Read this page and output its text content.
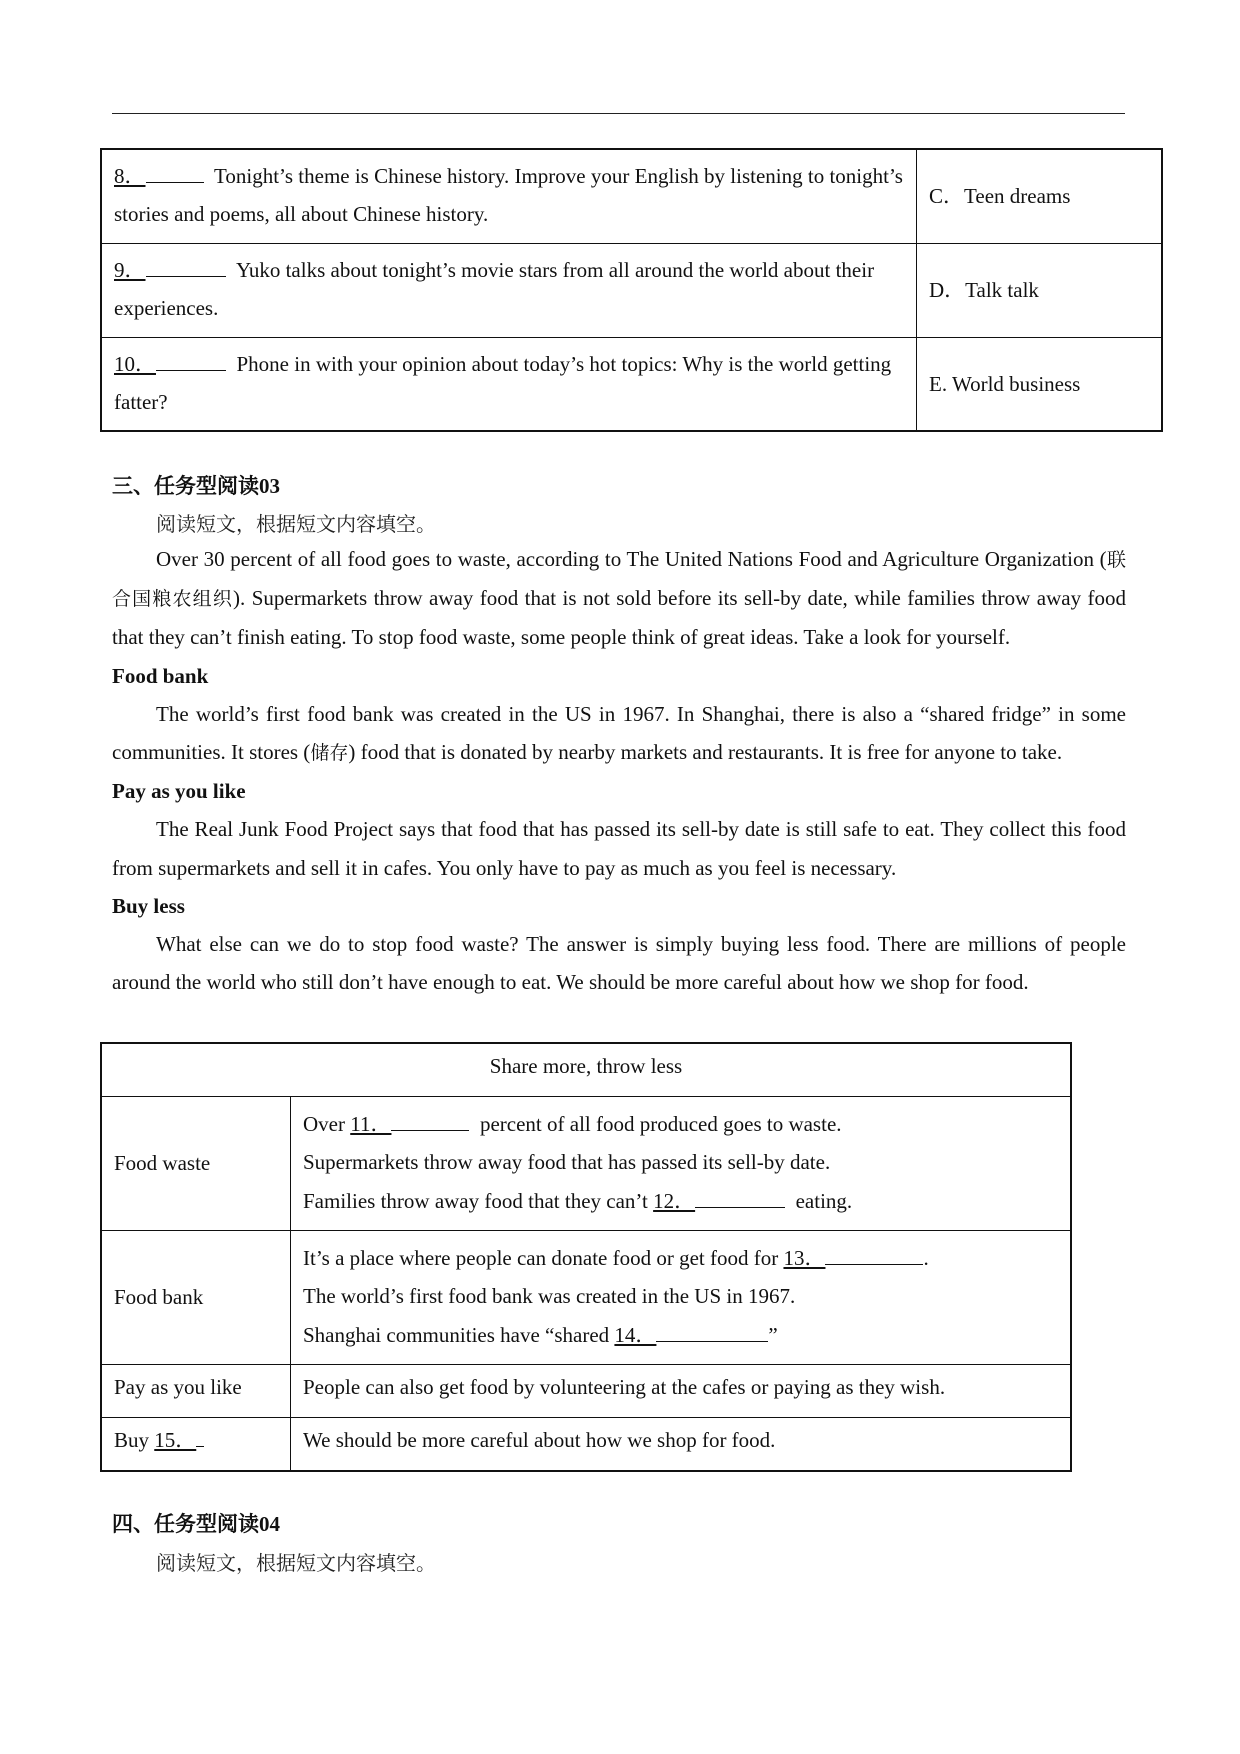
8． Tonight’s theme is Chinese history. Improve your English by listening to tonight’s stories and poems, all about Chinese history.	C．Teen dreams
9． Yuko talks about tonight’s movie stars from all around the world about their experiences.	D．Talk talk
10． Phone in with your opinion about today’s hot topics: Why is the world getting fatter?	E. World business
三、任务型阅读03
阅读短文，根据短文内容填空。

Over 30 percent of all food goes to waste, according to The United Nations Food and Agriculture Organization (联合国粮农组织). Supermarkets throw away food that is not sold before its sell-by date, while families throw away food that they can’t finish eating. To stop food waste, some people think of great ideas. Take a look for yourself.

Food bank

The world’s first food bank was created in the US in 1967. In Shanghai, there is also a “shared fridge” in some communities. It stores (储存) food that is donated by nearby markets and restaurants. It is free for anyone to take.

Pay as you like

The Real Junk Food Project says that food that has passed its sell-by date is still safe to eat. They collect this food from supermarkets and sell it in cafes. You only have to pay as much as you feel is necessary.

Buy less

What else can we do to stop food waste? The answer is simply buying less food. There are millions of people around the world who still don’t have enough to eat. We should be more careful about how we shop for food.

Share more, throw less	
Food waste	Over 11． percent of all food produced goes to waste.
Supermarkets throw away food that has passed its sell-by date.
Families throw away food that they can’t 12． eating.

Food bank	It’s a place where people can donate food or get food for 13． .
The world’s first food bank was created in the US in 1967.
Shanghai communities have “shared 14． ”

Pay as you like	People can also get food by volunteering at the cafes or paying as they wish.
Buy 15．	We should be more careful about how we shop for food.
四、任务型阅读04
阅读短文，根据短文内容填空。
